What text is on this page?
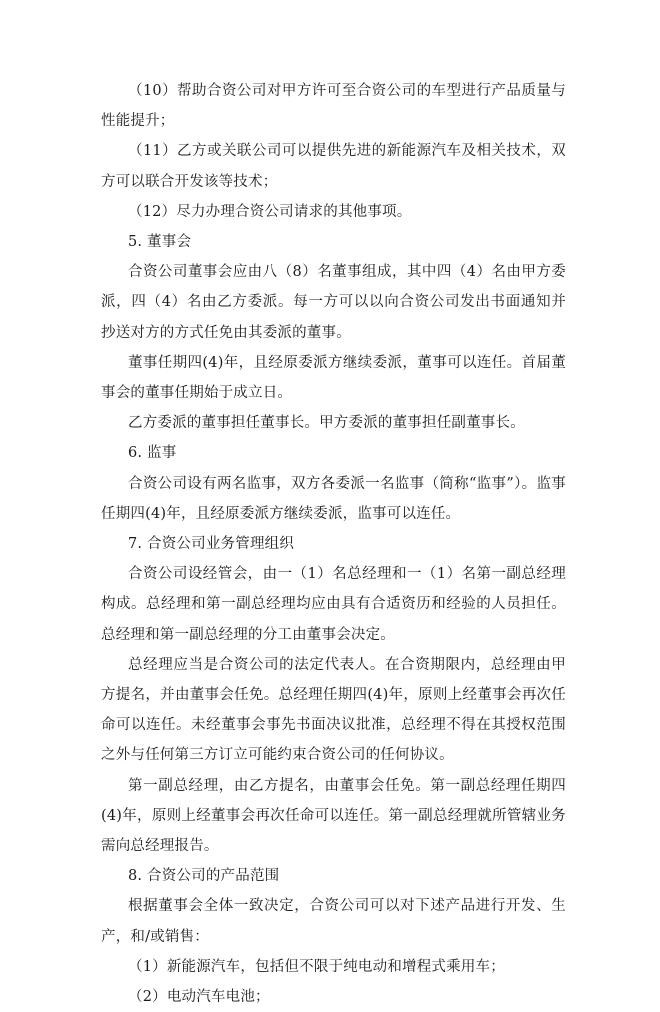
（10）帮助合资公司对甲方许可至合资公司的车型进行产品质量与性能提升；

（11）乙方或关联公司可以提供先进的新能源汽车及相关技术，双方可以联合开发该等技术；

（12）尽力办理合资公司请求的其他事项。

5. 董事会

合资公司董事会应由八（8）名董事组成，其中四（4）名由甲方委派，四（4）名由乙方委派。每一方可以以向合资公司发出书面通知并抄送对方的方式任免由其委派的董事。

董事任期四(4)年，且经原委派方继续委派，董事可以连任。首届董事会的董事任期始于成立日。

乙方委派的董事担任董事长。甲方委派的董事担任副董事长。

6. 监事

合资公司设有两名监事，双方各委派一名监事（简称“监事”）。监事任期四(4)年，且经原委派方继续委派，监事可以连任。

7. 合资公司业务管理组织

合资公司设经管会，由一（1）名总经理和一（1）名第一副总经理构成。总经理和第一副总经理均应由具有合适资历和经验的人员担任。总经理和第一副总经理的分工由董事会决定。

总经理应当是合资公司的法定代表人。在合资期限内，总经理由甲方提名，并由董事会任免。总经理任期四(4)年，原则上经董事会再次任命可以连任。未经董事会事先书面决议批准，总经理不得在其授权范围之外与任何第三方订立可能约束合资公司的任何协议。

第一副总经理，由乙方提名，由董事会任免。第一副总经理任期四(4)年，原则上经董事会再次任命可以连任。第一副总经理就所管辖业务需向总经理报告。

8. 合资公司的产品范围

根据董事会全体一致决定，合资公司可以对下述产品进行开发、生产，和/或销售：

（1）新能源汽车，包括但不限于纯电动和增程式乘用车；

（2）电动汽车电池；
